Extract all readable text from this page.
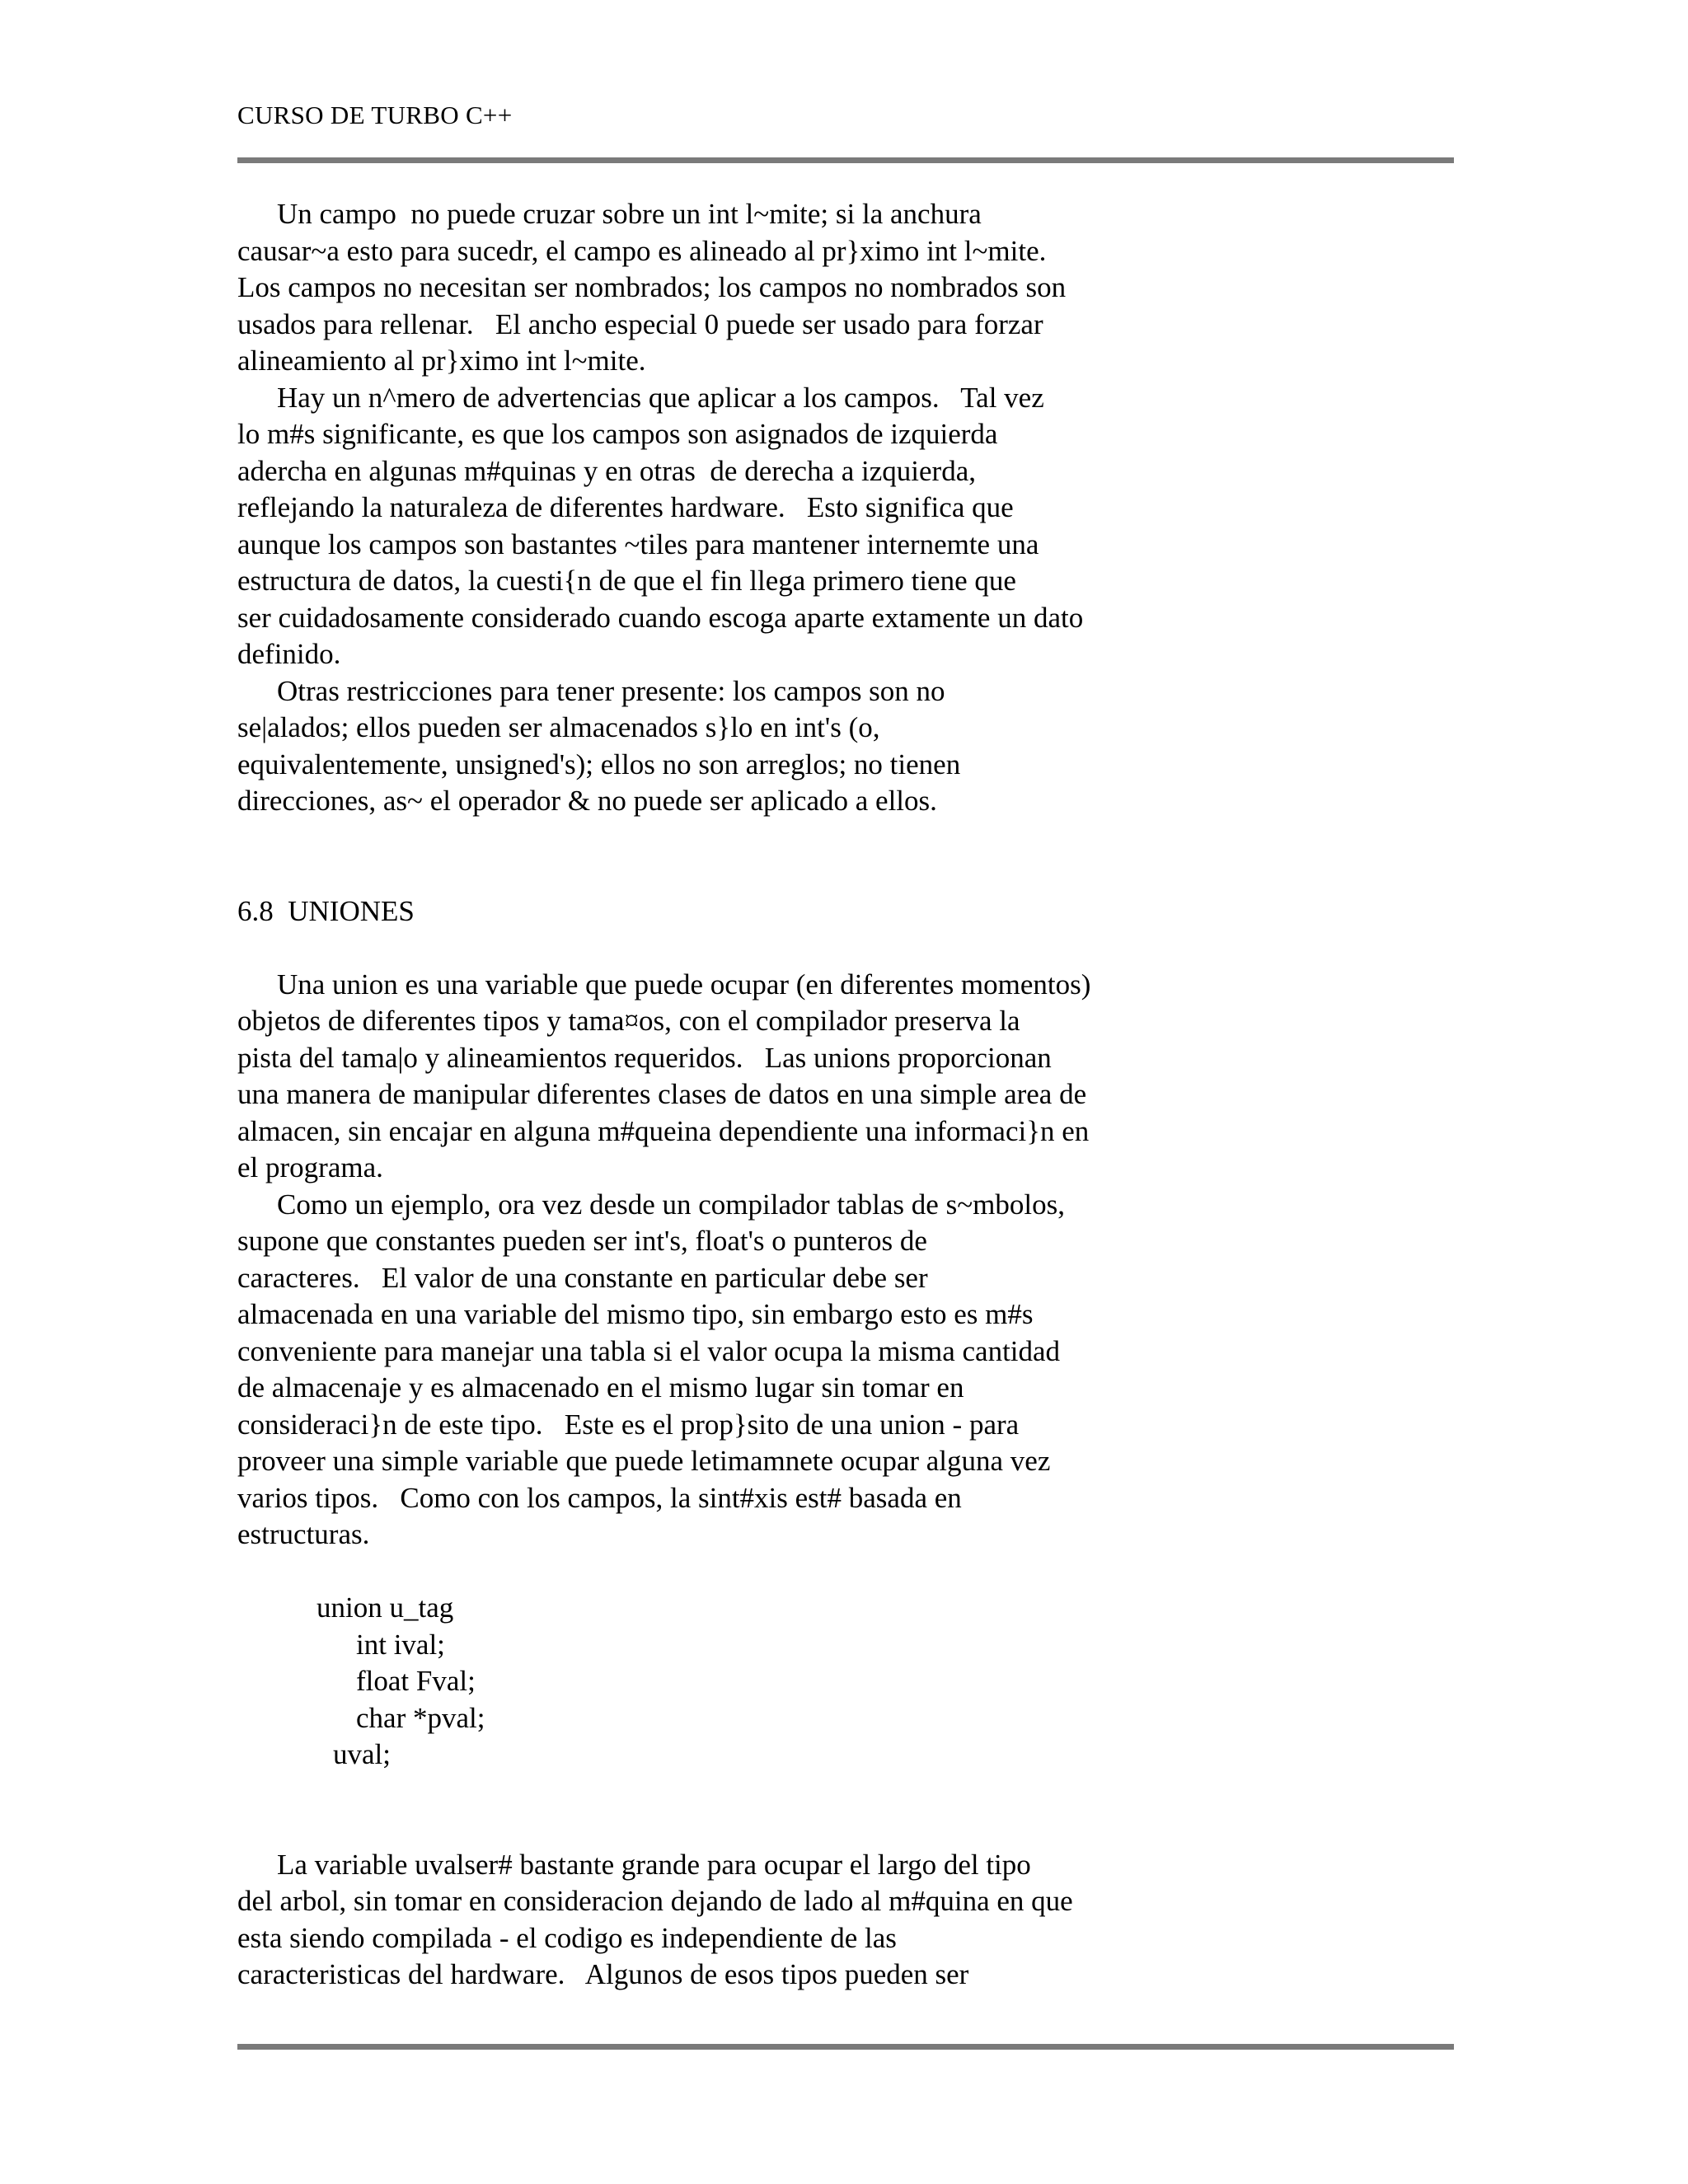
CURSO DE TURBO C++
Un campo  no puede cruzar sobre un int l~mite; si la anchura
causar~a esto para sucedr, el campo es alineado al pr}ximo int l~mite.
Los campos no necesitan ser nombrados; los campos no nombrados son
usados para rellenar.   El ancho especial 0 puede ser usado para forzar
alineamiento al pr}ximo int l~mite.
Hay un n^mero de advertencias que aplicar a los campos.   Tal vez
lo m#s significante, es que los campos son asignados de izquierda
adercha en algunas m#quinas y en otras  de derecha a izquierda,
reflejando la naturaleza de diferentes hardware.   Esto significa que
aunque los campos son bastantes ~tiles para mantener internemte una
estructura de datos, la cuesti{n de que el fin llega primero tiene que
ser cuidadosamente considerado cuando escoga aparte extamente un dato
definido.
Otras restricciones para tener presente: los campos son no
se|alados; ellos pueden ser almacenados s}lo en int's (o,
equivalentemente, unsigned's); ellos no son arreglos; no tienen
direcciones, as~ el operador & no puede ser aplicado a ellos.
6.8  UNIONES
Una union es una variable que puede ocupar (en diferentes momentos)
objetos de diferentes tipos y tama¤os, con el compilador preserva la
pista del tama|o y alineamientos requeridos.   Las unions proporcionan
una manera de manipular diferentes clases de datos en una simple area de
almacen, sin encajar en alguna m#queina dependiente una informaci}n en
el programa.
Como un ejemplo, ora vez desde un compilador tablas de s~mbolos,
supone que constantes pueden ser int's, float's o punteros de
caracteres.   El valor de una constante en particular debe ser
almacenada en una variable del mismo tipo, sin embargo esto es m#s
conveniente para manejar una tabla si el valor ocupa la misma cantidad
de almacenaje y es almacenado en el mismo lugar sin tomar en
consideraci}n de este tipo.   Este es el prop}sito de una union - para
proveer una simple variable que puede letimamnete ocupar alguna vez
varios tipos.   Como con los campos, la sint#xis est# basada en
estructuras.
union u_tag
int ival;
float Fval;
char *pval;
uval;
La variable uvalser# bastante grande para ocupar el largo del tipo
del arbol, sin tomar en consideracion dejando de lado al m#quina en que
esta siendo compilada - el codigo es independiente de las
caracteristicas del hardware.   Algunos de esos tipos pueden ser
